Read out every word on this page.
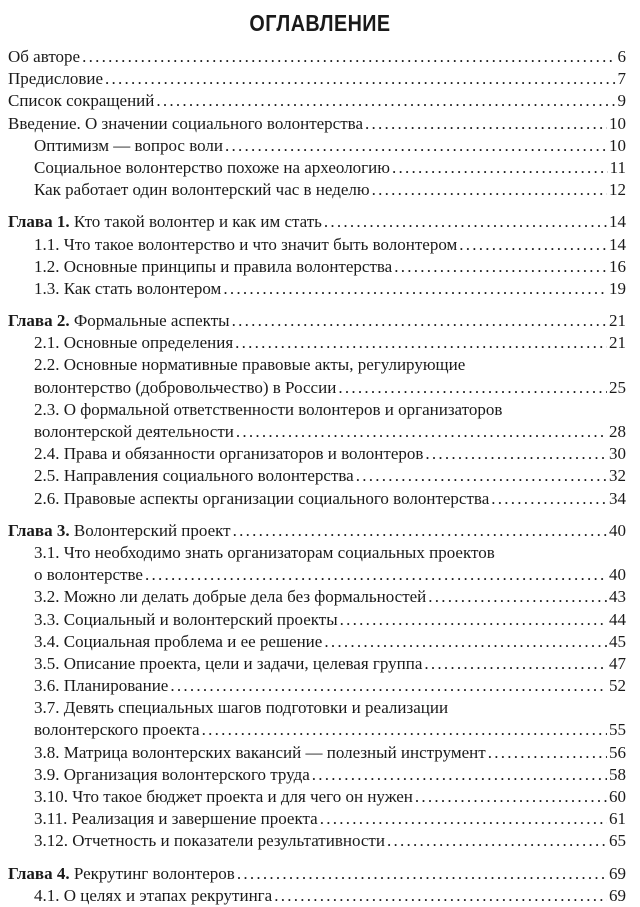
ОГЛАВЛЕНИЕ
Об авторе . . .	6
Предисловие . . .	7
Список сокращений . . .	9
Введение. О значении социального волонтерства . . .	10
Оптимизм — вопрос воли . . .	10
Социальное волонтерство похоже на археологию . . .	11
Как работает один волонтерский час в неделю . . .	12
Глава 1. Кто такой волонтер и как им стать . . .	14
1.1. Что такое волонтерство и что значит быть волонтером . . .	14
1.2. Основные принципы и правила волонтерства . . .	16
1.3. Как стать волонтером . . .	19
Глава 2. Формальные аспекты . . .	21
2.1. Основные определения . . .	21
2.2. Основные нормативные правовые акты, регулирующие
волонтерство (добровольчество) в России . . .	25
2.3. О формальной ответственности волонтеров и организаторов
волонтерской деятельности . . .	28
2.4. Права и обязанности организаторов и волонтеров . . .	30
2.5. Направления социального волонтерства . . .	32
2.6. Правовые аспекты организации социального волонтерства . . .	34
Глава 3. Волонтерский проект . . .	40
3.1. Что необходимо знать организаторам социальных проектов
о волонтерстве . . .	40
3.2. Можно ли делать добрые дела без формальностей . . .	43
3.3. Социальный и волонтерский проекты . . .	44
3.4. Социальная проблема и ее решение . . .	45
3.5. Описание проекта, цели и задачи, целевая группа . . .	47
3.6. Планирование . . .	52
3.7. Девять специальных шагов подготовки и реализации
волонтерского проекта . . .	55
3.8. Матрица волонтерских вакансий — полезный инструмент . . .	56
3.9. Организация волонтерского труда . . .	58
3.10. Что такое бюджет проекта и для чего он нужен . . .	60
3.11. Реализация и завершение проекта . . .	61
3.12. Отчетность и показатели результативности . . .	65
Глава 4. Рекрутинг волонтеров . . .	69
4.1. О целях и этапах рекрутинга . . .	69
